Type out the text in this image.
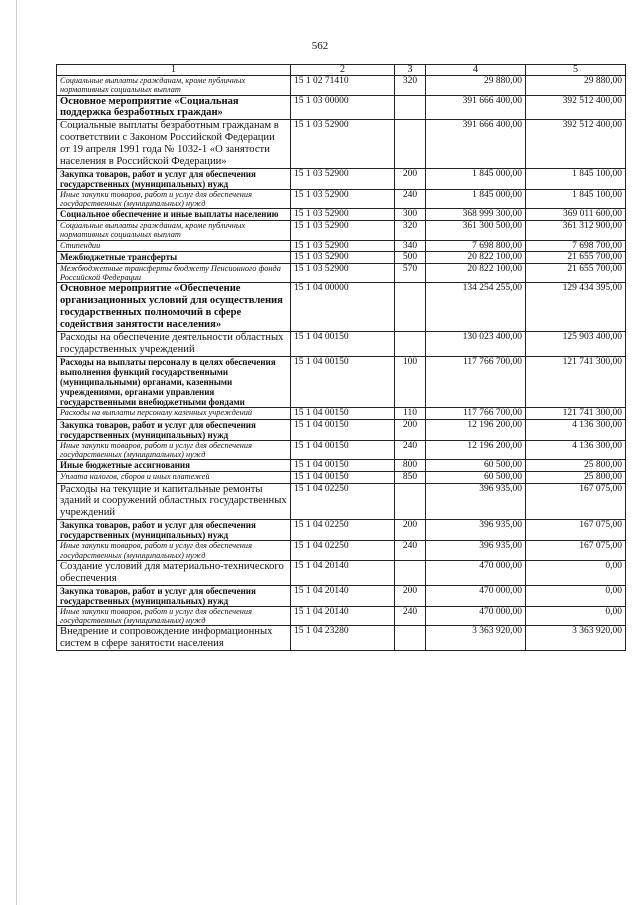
562
1	2	3	4	5
Социальные выплаты гражданам, кроме публичных нормативных социальных выплат	15 1 02 71410	320	29 880,00	29 880,00
Основное мероприятие «Социальная поддержка безработных граждан»	15 1 03 00000		391 666 400,00	392 512 400,00
Социальные выплаты безработным гражданам в соответствии с Законом Российской Федерации от 19 апреля 1991 года № 1032-1 «О занятости населения в Российской Федерации»	15 1 03 52900		391 666 400,00	392 512 400,00
Закупка товаров, работ и услуг для обеспечения государственных (муниципальных) нужд	15 1 03 52900	200	1 845 000,00	1 845 100,00
Иные закупки товаров, работ и услуг для обеспечения государственных (муниципальных) нужд	15 1 03 52900	240	1 845 000,00	1 845 100,00
Социальное обеспечение и иные выплаты населению	15 1 03 52900	300	368 999 300,00	369 011 600,00
Социальные выплаты гражданам, кроме публичных нормативных социальных выплат	15 1 03 52900	320	361 300 500,00	361 312 900,00
Стипендии	15 1 03 52900	340	7 698 800,00	7 698 700,00
Межбюджетные трансферты	15 1 03 52900	500	20 822 100,00	21 655 700,00
Межбюджетные трансферты бюджету Пенсионного фонда Российской Федерации	15 1 03 52900	570	20 822 100,00	21 655 700,00
Основное мероприятие «Обеспечение организационных условий для осуществления государственных полномочий в сфере содействия занятости населения»	15 1 04 00000		134 254 255,00	129 434 395,00
Расходы на обеспечение деятельности областных государственных учреждений	15 1 04 00150		130 023 400,00	125 903 400,00
Расходы на выплаты персоналу в целях обеспечения выполнения функций государственными (муниципальными) органами, казенными учреждениями, органами управления государственными внебюджетными фондами	15 1 04 00150	100	117 766 700,00	121 741 300,00
Расходы на выплаты персоналу казенных учреждений	15 1 04 00150	110	117 766 700,00	121 741 300,00
Закупка товаров, работ и услуг для обеспечения государственных (муниципальных) нужд	15 1 04 00150	200	12 196 200,00	4 136 300,00
Иные закупки товаров, работ и услуг для обеспечения государственных (муниципальных) нужд	15 1 04 00150	240	12 196 200,00	4 136 300,00
Иные бюджетные ассигнования	15 1 04 00150	800	60 500,00	25 800,00
Уплата налогов, сборов и иных платежей	15 1 04 00150	850	60 500,00	25 800,00
Расходы на текущие и капитальные ремонты зданий и сооружений областных государственных учреждений	15 1 04 02250		396 935,00	167 075,00
Закупка товаров, работ и услуг для обеспечения государственных (муниципальных) нужд	15 1 04 02250	200	396 935,00	167 075,00
Иные закупки товаров, работ и услуг для обеспечения государственных (муниципальных) нужд	15 1 04 02250	240	396 935,00	167 075,00
Создание условий для материально-технического обеспечения	15 1 04 20140		470 000,00	0,00
Закупка товаров, работ и услуг для обеспечения государственных (муниципальных) нужд	15 1 04 20140	200	470 000,00	0,00
Иные закупки товаров, работ и услуг для обеспечения государственных (муниципальных) нужд	15 1 04 20140	240	470 000,00	0,00
Внедрение и сопровождение информационных систем в сфере занятости населения	15 1 04 23280		3 363 920,00	3 363 920,00
